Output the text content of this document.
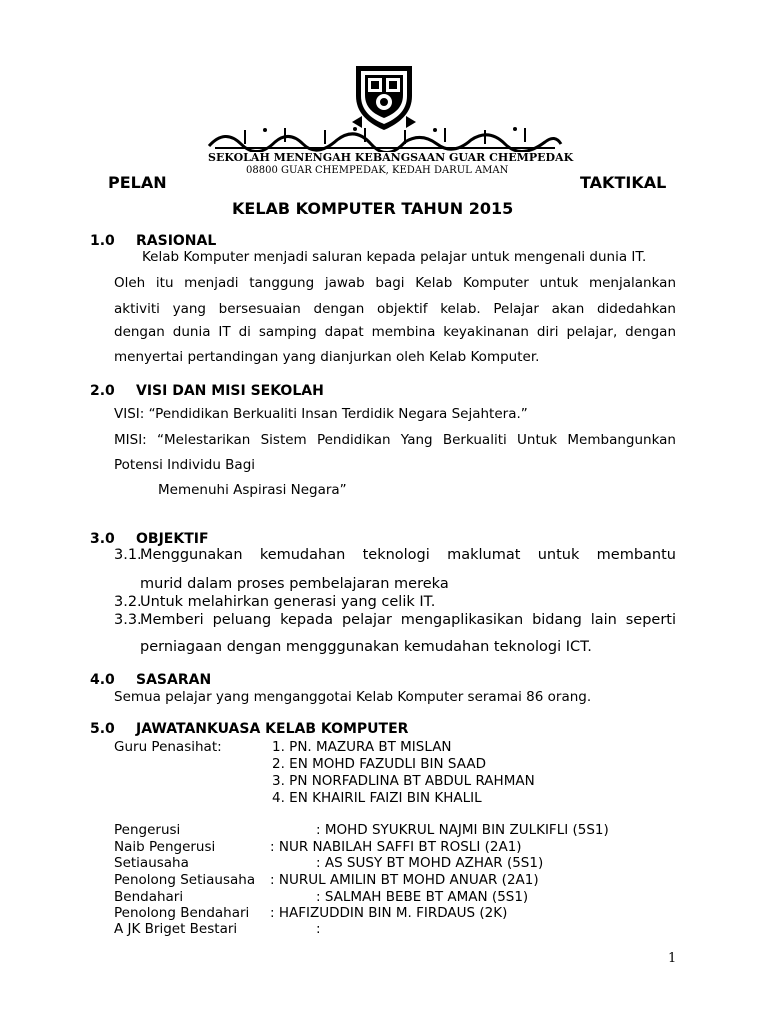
SEKOLAH MENENGAH KEBANGSAAN GUAR CHEMPEDAK
08800 GUAR CHEMPEDAK, KEDAH DARUL AMAN
PELAN	TAKTIKAL
KELAB KOMPUTER TAHUN 2015
1.0 RASIONAL
Kelab Komputer menjadi saluran kepada pelajar untuk mengenali dunia IT.
Oleh itu menjadi tanggung jawab bagi Kelab Komputer untuk menjalankan
aktiviti yang bersesuaian dengan objektif kelab. Pelajar akan didedahkan
dengan dunia IT di samping dapat membina keyakinanan diri pelajar, dengan
menyertai pertandingan yang dianjurkan oleh Kelab Komputer.
2.0 VISI DAN MISI SEKOLAH
VISI: “Pendidikan Berkualiti Insan Terdidik Negara Sejahtera.”
MISI: “Melestarikan Sistem Pendidikan Yang Berkualiti Untuk Membangunkan
Potensi Individu Bagi
Memenuhi Aspirasi Negara”
3.0 OBJEKTIF
3.1.
Menggunakan kemudahan teknologi maklumat untuk membantu
murid dalam proses pembelajaran mereka
3.2.
Untuk melahirkan generasi yang celik IT.
3.3.
Memberi peluang kepada pelajar mengaplikasikan bidang lain seperti
perniagaan dengan mengggunakan kemudahan teknologi ICT.
4.0 SASARAN
Semua pelajar yang menganggotai Kelab Komputer seramai 86 orang.
5.0 JAWATANKUASA KELAB KOMPUTER
Guru Penasihat:	1. PN. MAZURA BT MISLAN
2. EN MOHD FAZUDLI BIN SAAD
3. PN NORFADLINA BT ABDUL RAHMAN
4. EN KHAIRIL FAIZI BIN KHALIL
Pengerusi	: MOHD SYUKRUL NAJMI BIN ZULKIFLI (5S1)
Naib Pengerusi	: NUR NABILAH SAFFI BT ROSLI (2A1)
Setiausaha	: AS SUSY BT MOHD AZHAR (5S1)
Penolong Setiausaha : NURUL AMILIN BT MOHD ANUAR (2A1)
Bendahari	: SALMAH BEBE BT AMAN (5S1)
Penolong Bendahari : HAFIZUDDIN BIN M. FIRDAUS (2K)
A JK Briget Bestari	:
1
